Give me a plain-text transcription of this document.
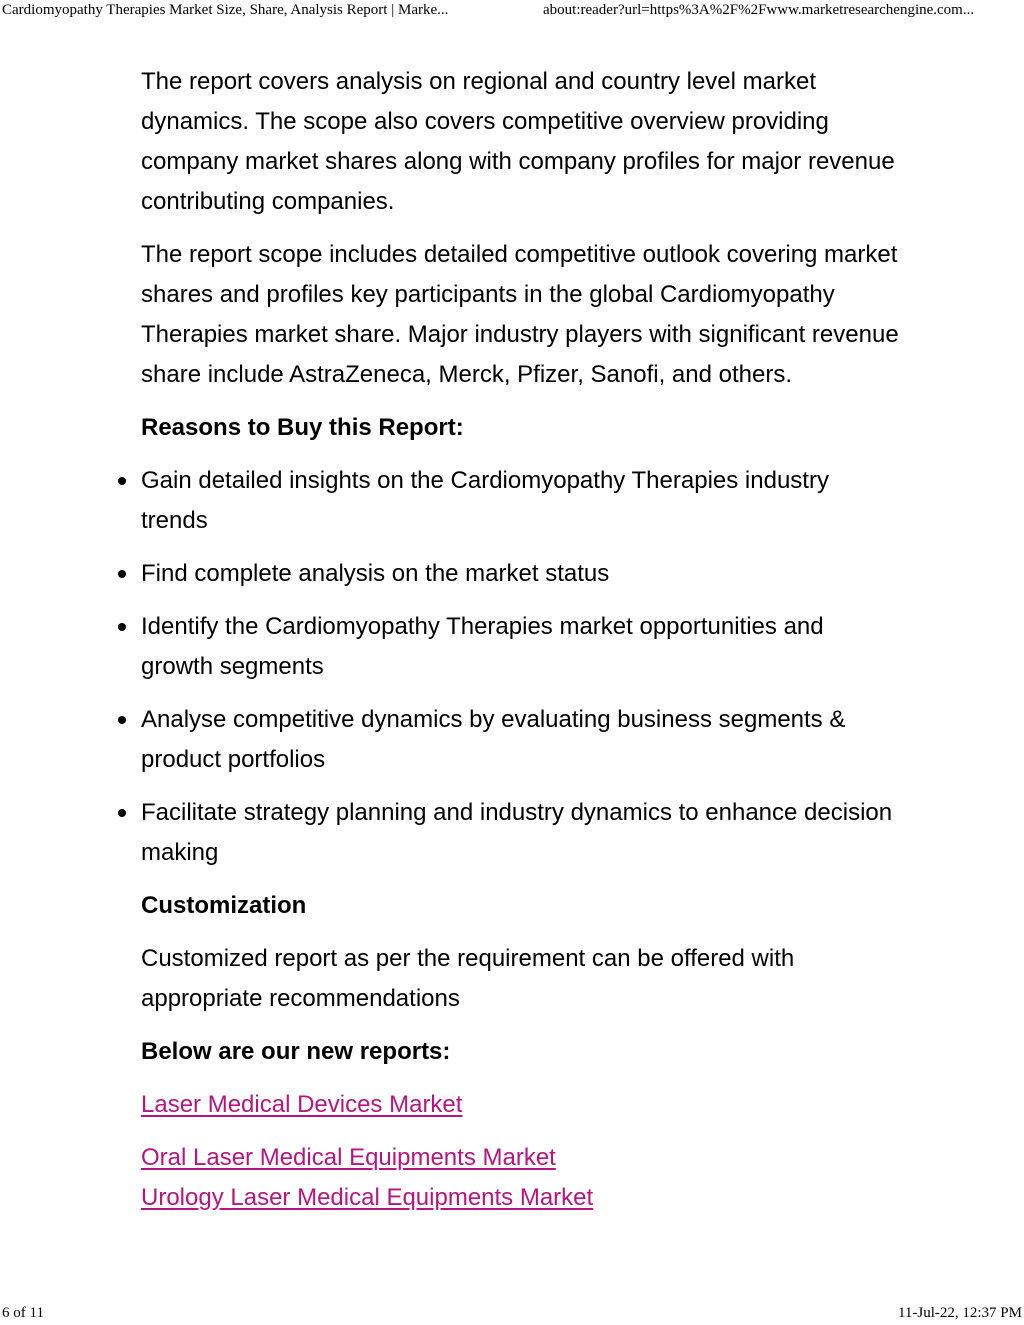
Cardiomyopathy Therapies Market Size, Share, Analysis Report | Marke...	about:reader?url=https%3A%2F%2Fwww.marketresearchengine.com...

The report covers analysis on regional and country level market dynamics. The scope also covers competitive overview providing company market shares along with company profiles for major revenue contributing companies.

The report scope includes detailed competitive outlook covering market shares and profiles key participants in the global Cardiomyopathy Therapies market share. Major industry players with significant revenue share include AstraZeneca, Merck, Pfizer, Sanofi, and others.

Reasons to Buy this Report:
Gain detailed insights on the Cardiomyopathy Therapies industry trends
Find complete analysis on the market status
Identify the Cardiomyopathy Therapies market opportunities and growth segments
Analyse competitive dynamics by evaluating business segments & product portfolios
Facilitate strategy planning and industry dynamics to enhance decision making
Customization

Customized report as per the requirement can be offered with appropriate recommendations

Below are our new reports:

Laser Medical Devices Market

Oral Laser Medical Equipments Market
Urology Laser Medical Equipments Market

6 of 11	11-Jul-22, 12:37 PM
